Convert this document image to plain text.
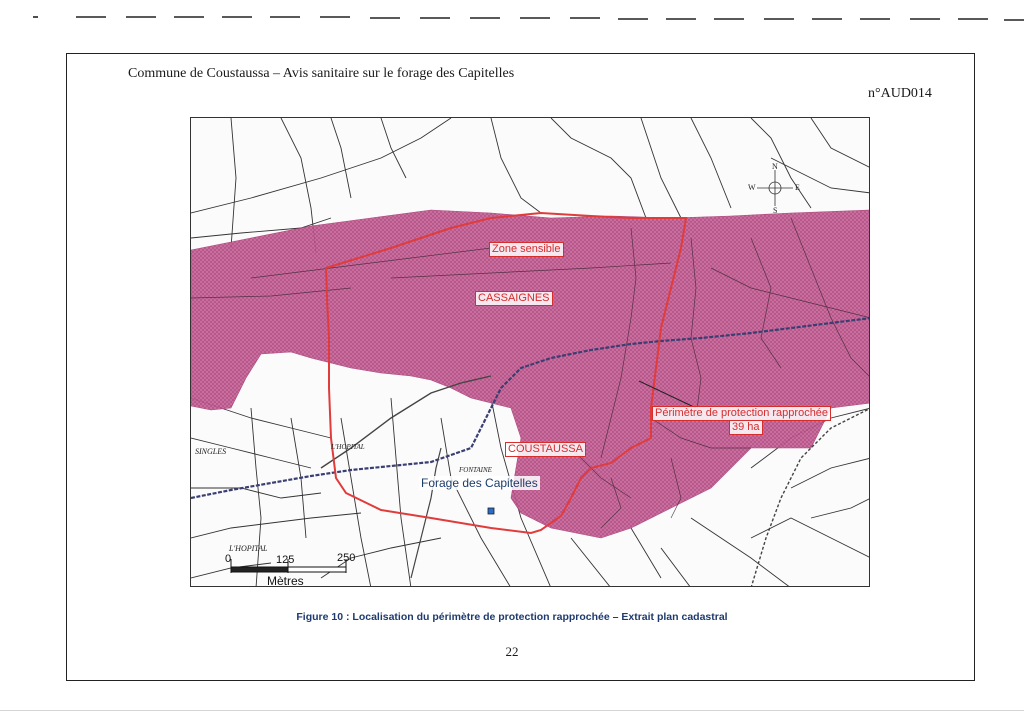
Commune de Coustaussa – Avis sanitaire sur le forage des Capitelles
n°AUD014
Zone sensible
CASSAIGNES
COUSTAUSSA
Périmètre de protection rapprochée
39 ha
Forage des Capitelles
L'HOPITAL
L'HOPITAL
SINGLES
FONTAINE
N
E
S
W
0	125	250
Mètres
Figure 10 : Localisation du périmètre de protection rapprochée – Extrait plan cadastral
22
